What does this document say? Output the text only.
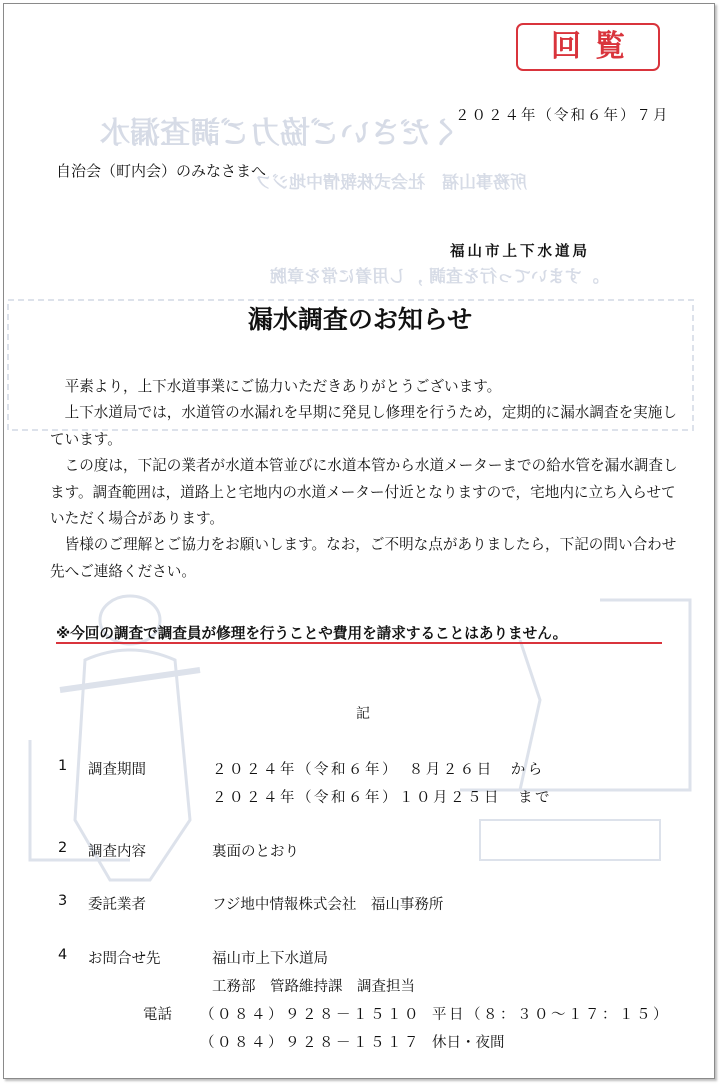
くださいご協力ご調査漏水
所務事山福　社会式株報情中地ジフ
。すまいてっ行を査調 ，し用着に常を章腕
回覧
２０２４年（令和６年）７月
自治会（町内会）のみなさまへ
福山市上下水道局
漏水調査のお知らせ

平素より，上下水道事業にご協力いただきありがとうございます。

上下水道局では，水道管の水漏れを早期に発見し修理を行うため，定期的に漏水調査を実施しています。

この度は，下記の業者が水道本管並びに水道本管から水道メーターまでの給水管を漏水調査します。調査範囲は，道路上と宅地内の水道メーター付近となりますので，宅地内に立ち入らせていただく場合があります。

皆様のご理解とご協力をお願いします。なお，ご不明な点がありましたら，下記の問い合わせ先へご連絡ください。

※今回の調査で調査員が修理を行うことや費用を請求することはありません。
記
1 調査期間	２０２４年（令和６年）　８月２６日　から
２０２４年（令和６年）１０月２５日　まで
2 調査内容	裏面のとおり
3 委託業者	フジ地中情報株式会社　福山事務所
4 お問合せ先	福山市上下水道局
工務部　管路維持課　調査担当
電話 （０８４）９２８－１５１０ 平日（８：３０～１７：１５）
（０８４）９２８－１５１７ 休日・夜間
